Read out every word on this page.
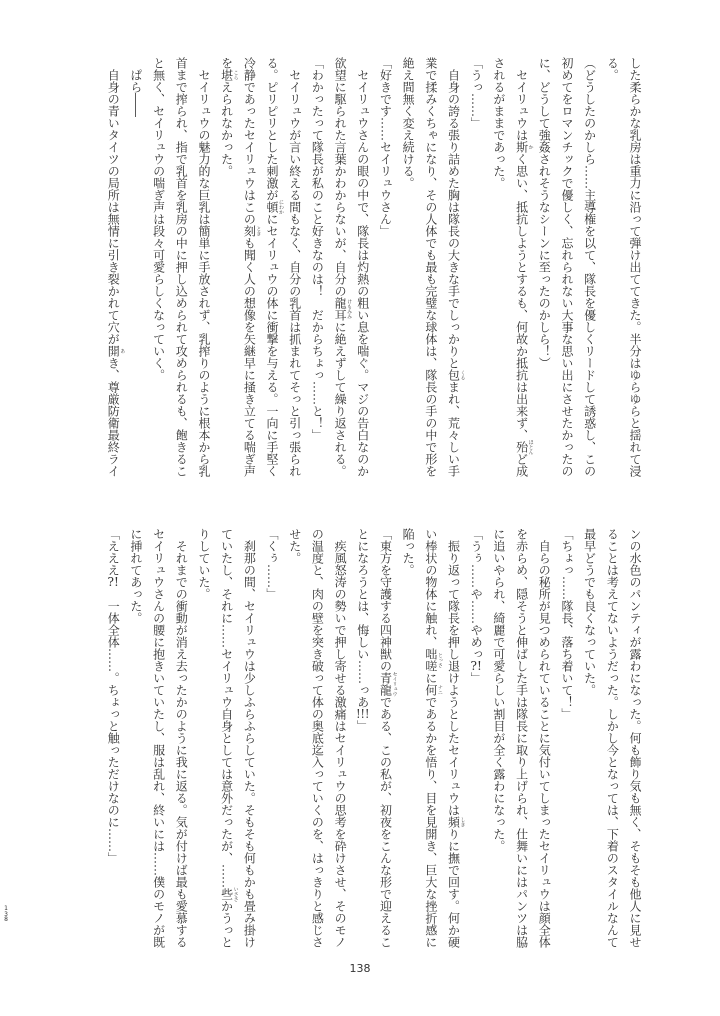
した柔らかな乳房は重力に沿って弾け出ててきた。半分はゆらゆらと揺れて浸
る。
（どうしたのかしら……主導権を以て、隊長を優しくリードして誘惑し、この
初めてをロマンチックで優しく、忘れられない大事な思い出にさせたかったの
に、どうして強姦されそうなシーンに至ったのかしら！）
　セイリュウは斯 か
く思い、抵抗しようとするも、何故か抵抗は出来ず、殆 ほとん
ど成
されるがままであった。
「うっ……」
　自身の誇る張り詰めた胸は隊長の大きな手でしっかりと包 くる
まれ、荒々しい手
業で揉みくちゃになり、その人体でも最も完璧な球体は、隊長の手の中で形を
絶え間無く変え続ける。
「好きです……セイリュウさん」
　セイリュウさんの眼の中で、隊長は灼熱の粗い息を喘ぐ。マジの告白なのか
欲望に駆られた言葉かわからないが、自分の龍耳 けもみみ
に絶えずして繰り返される。
「わかったって隊長が私のこと好きなのは！　だからちょっ……と！」
　セイリュウが言い終える間もなく、自分の乳首は抓まれてそっと引っ張られ
る。ピリピリとした刺激が頓 にわか
にセイリュウの体に衝撃を与える。一向に手堅く
冷静であったセイリュウはこの刻 とき
も聞く人の想像を矢継早に掻き立てる喘ぎ声
を堪 こら
えられなかった。
　セイリュウの魅力的な巨乳は簡単に手放されず、乳搾りのように根本から乳
首まで搾られ、指で乳首を乳房の中に押し込められて攻められるも、飽きるこ
と無く、セイリュウの喘ぎ声は段々可愛らしくなっていく。
　ぱら――
　自身の青いタイツの局所は無情に引き裂かれて穴が開 あ
き、尊厳防衛最終ライ
ンの水色のパンティが露わになった。何も飾り気も無く、そもそも他人に見せ
ることは考えてないようだった。しかし今となっては、下着のスタイルなんて
最早どうでも良くなっていた。
「ちょっ……隊長、落ち着いて！」
　自らの秘所が見つめられていることに気付いてしまったセイリュウは顔全体
を赤らめ、隠そうと伸ばした手は隊長に取り上げられ、仕舞いにはパンツは脇
に追いやられ、綺麗で可愛らしい割目が全く露わになった。
「うぅ……や……やめっ?!」
　振り返って隊長を押し退けようとしたセイリュウは頻 しき
りに撫で回す。何か硬
い棒状の物体に触れ、咄嗟 とっさ
に何 ナニ
であるかを悟り、目を見開き、巨大な挫折感に
陥った。
「東方を守護する四神獣の青龍 セイリュウ
である、この私が、初夜をこんな形で迎えるこ
とになろうとは、悔しい……っあ!!!」
　疾風怒涛の勢いで押し寄せる激痛はセイリュウの思考を砕けさせ、そのモノ
の温度と、肉の壁を突き破って体の奥底迄入っていくのを、はっきりと感じさ
せた。
「くぅ……」
　刹那の間、セイリュウは少しふらふらしていた。そもそも何もかも畳み掛け
ていたし、それに……セイリュウ自身としては意外だったが、……些 いささ
かうっと
りしていた。
　それまでの衝動が消え去ったかのように我に返る。気が付けば最も愛慕する
セイリュウさんの腰に抱きいていたし、服は乱れ、終いには……僕のモノが既
に挿れてあった。
「えええ?!　一体全体……。ちょっと触っただけなのに……」
1
3
8
138
